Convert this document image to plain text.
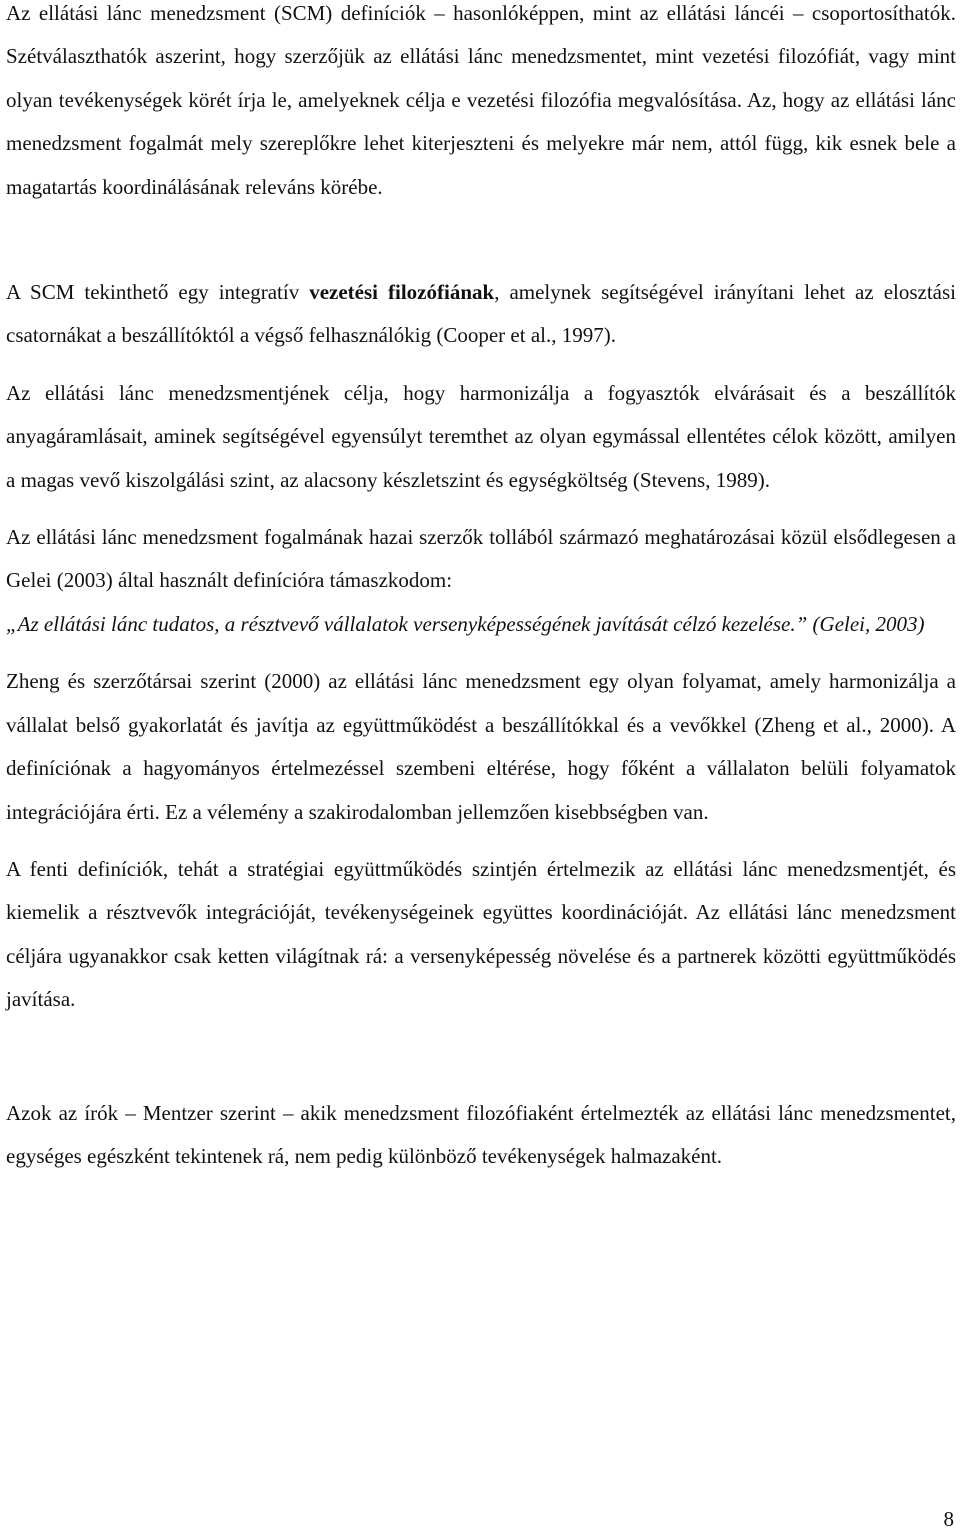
Az ellátási lánc menedzsment (SCM) definíciók – hasonlóképpen, mint az ellátási láncéi – csoportosíthatók. Szétválaszthatók aszerint, hogy szerzőjük az ellátási lánc menedzsmentet, mint vezetési filozófiát, vagy mint olyan tevékenységek körét írja le, amelyeknek célja e vezetési filozófia megvalósítása. Az, hogy az ellátási lánc menedzsment fogalmát mely szereplőkre lehet kiterjeszteni és melyekre már nem, attól függ, kik esnek bele a magatartás koordinálásának releváns körébe.

A SCM tekinthető egy integratív vezetési filozófiának, amelynek segítségével irányítani lehet az elosztási csatornákat a beszállítóktól a végső felhasználókig (Cooper et al., 1997).

Az ellátási lánc menedzsmentjének célja, hogy harmonizálja a fogyasztók elvárásait és a beszállítók anyagáramlásait, aminek segítségével egyensúlyt teremthet az olyan egymással ellentétes célok között, amilyen a magas vevő kiszolgálási szint, az alacsony készletszint és egységköltség (Stevens, 1989).

Az ellátási lánc menedzsment fogalmának hazai szerzők tollából származó meghatározásai közül elsődlegesen a Gelei (2003) által használt definícióra támaszkodom:

„Az ellátási lánc tudatos, a résztvevő vállalatok versenyképességének javítását célzó kezelése.” (Gelei, 2003)

Zheng és szerzőtársai szerint (2000) az ellátási lánc menedzsment egy olyan folyamat, amely harmonizálja a vállalat belső gyakorlatát és javítja az együttműködést a beszállítókkal és a vevőkkel (Zheng et al., 2000). A definíciónak a hagyományos értelmezéssel szembeni eltérése, hogy főként a vállalaton belüli folyamatok integrációjára érti. Ez a vélemény a szakirodalomban jellemzően kisebbségben van.

A fenti definíciók, tehát a stratégiai együttműködés szintjén értelmezik az ellátási lánc menedzsmentjét, és kiemelik a résztvevők integrációját, tevékenységeinek együttes koordinációját. Az ellátási lánc menedzsment céljára ugyanakkor csak ketten világítnak rá: a versenyképesség növelése és a partnerek közötti együttműködés javítása.

Azok az írók – Mentzer szerint – akik menedzsment filozófiaként értelmezték az ellátási lánc menedzsmentet, egységes egészként tekintenek rá, nem pedig különböző tevékenységek halmazaként.

8
